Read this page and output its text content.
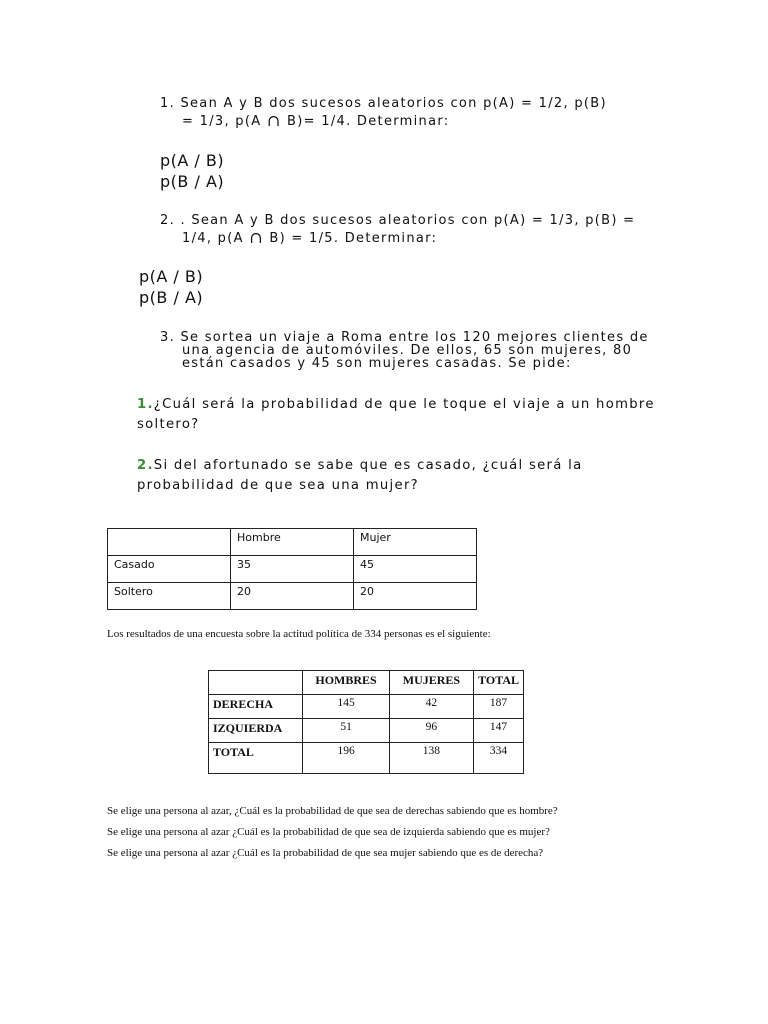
1. Sean A y B dos sucesos aleatorios con p(A) = 1/2, p(B)
= 1/3, p(A ∩ B)= 1/4. Determinar:
p(A / B)
p(B / A)
2. . Sean A y B dos sucesos aleatorios con p(A) = 1/3, p(B) =
1/4, p(A ∩ B) = 1/5. Determinar:
p(A / B)
p(B / A)
3. Se sortea un viaje a Roma entre los 120 mejores clientes de
una agencia de automóviles. De ellos, 65 son mujeres, 80
están casados y 45 son mujeres casadas. Se pide:
1.¿Cuál será la probabilidad de que le toque el viaje a un hombre
soltero?
2.Si del afortunado se sabe que es casado, ¿cuál será la
probabilidad de que sea una mujer?
	Hombre	Mujer
Casado	35	45
Soltero	20	20
Los resultados de una encuesta sobre la actitud política de 334 personas es el siguiente:
	HOMBRES	MUJERES	TOTAL
DERECHA	145	42	187
IZQUIERDA	51	96	147
TOTAL	196	138	334
Se elige una persona al azar, ¿Cuál es la probabilidad de que sea de derechas sabiendo que es hombre?
Se elige una persona al azar ¿Cuál es la probabilidad de que sea de izquierda sabiendo que es mujer?
Se elige una persona al azar ¿Cuál es la probabilidad de que sea mujer sabiendo que es de derecha?
